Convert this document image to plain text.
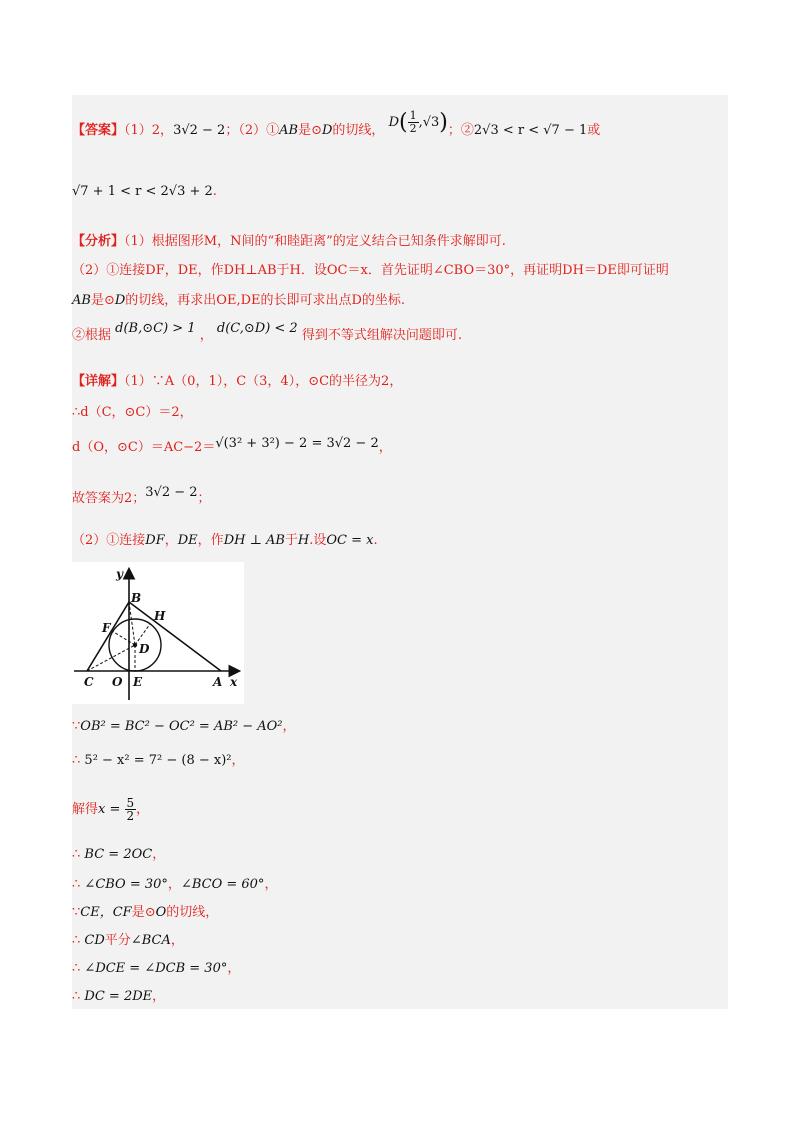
【答案】（1）2，3√2 − 2；（2）①AB是⊙D的切线， $D( \frac{1}{2} ,√3)$；②2√3 < r < √7 − 1或
√7 + 1 < r < 2√3 + 2.
【分析】（1）根据图形M，N间的“和睦距离”的定义结合已知条件求解即可.
（2）①连接DF，DE，作DH⊥AB于H．设OC＝x．首先证明∠CBO＝30°，再证明DH＝DE即可证明
AB是⊙D的切线，再求出OE,DE的长即可求出点D的坐标.
②根据 d(B,⊙C) > 1 ， d(C,⊙D) < 2 得到不等式组解决问题即可.
【详解】（1）∵A（0，1），C（3，4），⊙C的半径为2，
∴d（C，⊙C）＝2，
d（O，⊙C）＝AC−2＝√(3² + 3²) − 2 = 3√2 − 2，
故答案为2；3√2 − 2；
（2）①连接DF，DE，作DH ⊥ AB于H.设OC = x.
y
x
B
H
F
D
C O E	A
∵OB² = BC² − OC² = AB² − AO²，
∴ 5² − x² = 7² − (8 − x)²，
解得$x = \frac{5}{2}$ ，
∴ BC = 2OC，
∴ ∠CBO = 30°，∠BCO = 60°，
∵CE，CF是⊙O的切线，
∴ CD平分∠BCA，
∴ ∠DCE = ∠DCB = 30°，
∴ DC = 2DE，
